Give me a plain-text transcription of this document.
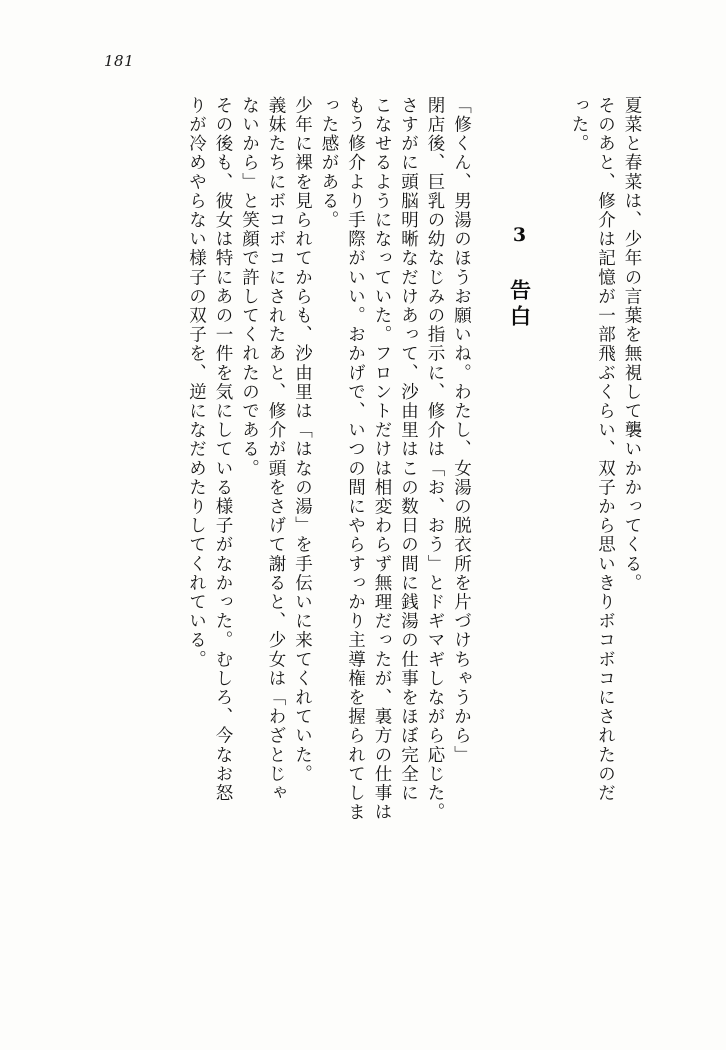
181
夏菜と春菜は、少年の言葉を無視して襲いかかってくる。
そのあと、修介は記憶が一部飛ぶくらい、双子から思いきりボコボコにされたのだ
った。
3 告白
「修くん、男湯のほうお願いね。わたし、女湯の脱衣所を片づけちゃうから」
閉店後、巨乳の幼なじみの指示に、修介は「お、おう」とドギマギしながら応じた。
さすがに頭脳明晰なだけあって、沙由里はこの数日の間に銭湯の仕事をほぼ完全に
こなせるようになっていた。フロントだけは相変わらず無理だったが、裏方の仕事は
もう修介より手際がいい。おかげで、いつの間にやらすっかり主導権を握られてしま
った感がある。
少年に裸を見られてからも、沙由里は「はなの湯」を手伝いに来てくれていた。
義妹たちにボコボコにされたあと、修介が頭をさげて謝ると、少女は「わざとじゃ
ないから」と笑顔で許してくれたのである。
その後も、彼女は特にあの一件を気にしている様子がなかった。むしろ、今なお怒
りが冷めやらない様子の双子を、逆になだめたりしてくれている。
